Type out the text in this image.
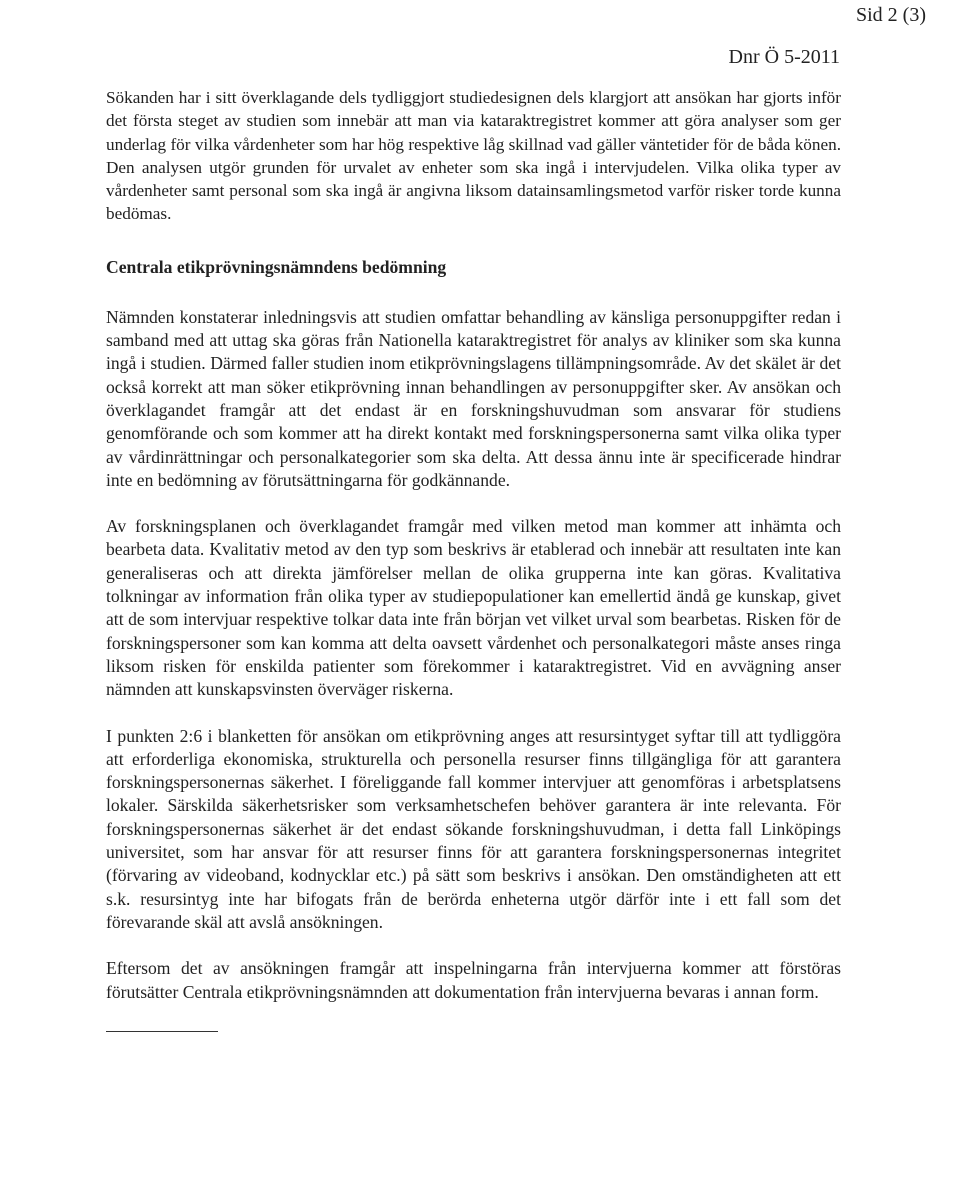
Sid 2 (3)
Dnr Ö 5-2011

Sökanden har i sitt överklagande dels tydliggjort studiedesignen dels klargjort att ansökan har gjorts inför det första steget av studien som innebär att man via kataraktregistret kommer att göra analyser som ger underlag för vilka vårdenheter som har hög respektive låg skillnad vad gäller väntetider för de båda könen. Den analysen utgör grunden för urvalet av enheter som ska ingå i intervjudelen. Vilka olika typer av vårdenheter samt personal som ska ingå är angivna liksom datainsamlingsmetod varför risker torde kunna bedömas.

Centrala etikprövningsnämndens bedömning

Nämnden konstaterar inledningsvis att studien omfattar behandling av känsliga personuppgifter redan i samband med att uttag ska göras från Nationella kataraktregistret för analys av kliniker som ska kunna ingå i studien. Därmed faller studien inom etikprövningslagens tillämpningsområde. Av det skälet är det också korrekt att man söker etikprövning innan behandlingen av personuppgifter sker. Av ansökan och överklagandet framgår att det endast är en forskningshuvudman som ansvarar för studiens genomförande och som kommer att ha direkt kontakt med forskningspersonerna samt vilka olika typer av vårdinrättningar och personalkategorier som ska delta. Att dessa ännu inte är specificerade hindrar inte en bedömning av förutsättningarna för godkännande.

Av forskningsplanen och överklagandet framgår med vilken metod man kommer att inhämta och bearbeta data. Kvalitativ metod av den typ som beskrivs är etablerad och innebär att resultaten inte kan generaliseras och att direkta jämförelser mellan de olika grupperna inte kan göras. Kvalitativa tolkningar av information från olika typer av studiepopulationer kan emellertid ändå ge kunskap, givet att de som intervjuar respektive tolkar data inte från början vet vilket urval som bearbetas. Risken för de forskningspersoner som kan komma att delta oavsett vårdenhet och personalkategori måste anses ringa liksom risken för enskilda patienter som förekommer i kataraktregistret. Vid en avvägning anser nämnden att kunskapsvinsten överväger riskerna.

I punkten 2:6 i blanketten för ansökan om etikprövning anges att resursintyget syftar till att tydliggöra att erforderliga ekonomiska, strukturella och personella resurser finns tillgängliga för att garantera forskningspersonernas säkerhet. I föreliggande fall kommer intervjuer att genomföras i arbetsplatsens lokaler. Särskilda säkerhetsrisker som verksamhetschefen behöver garantera är inte relevanta. För forskningspersonernas säkerhet är det endast sökande forskningshuvudman, i detta fall Linköpings universitet, som har ansvar för att resurser finns för att garantera forskningspersonernas integritet (förvaring av videoband, kodnycklar etc.) på sätt som beskrivs i ansökan. Den omständigheten att ett s.k. resursintyg inte har bifogats från de berörda enheterna utgör därför inte i ett fall som det förevarande skäl att avslå ansökningen.

Eftersom det av ansökningen framgår att inspelningarna från intervjuerna kommer att förstöras förutsätter Centrala etikprövningsnämnden att dokumentation från intervjuerna bevaras i annan form.
